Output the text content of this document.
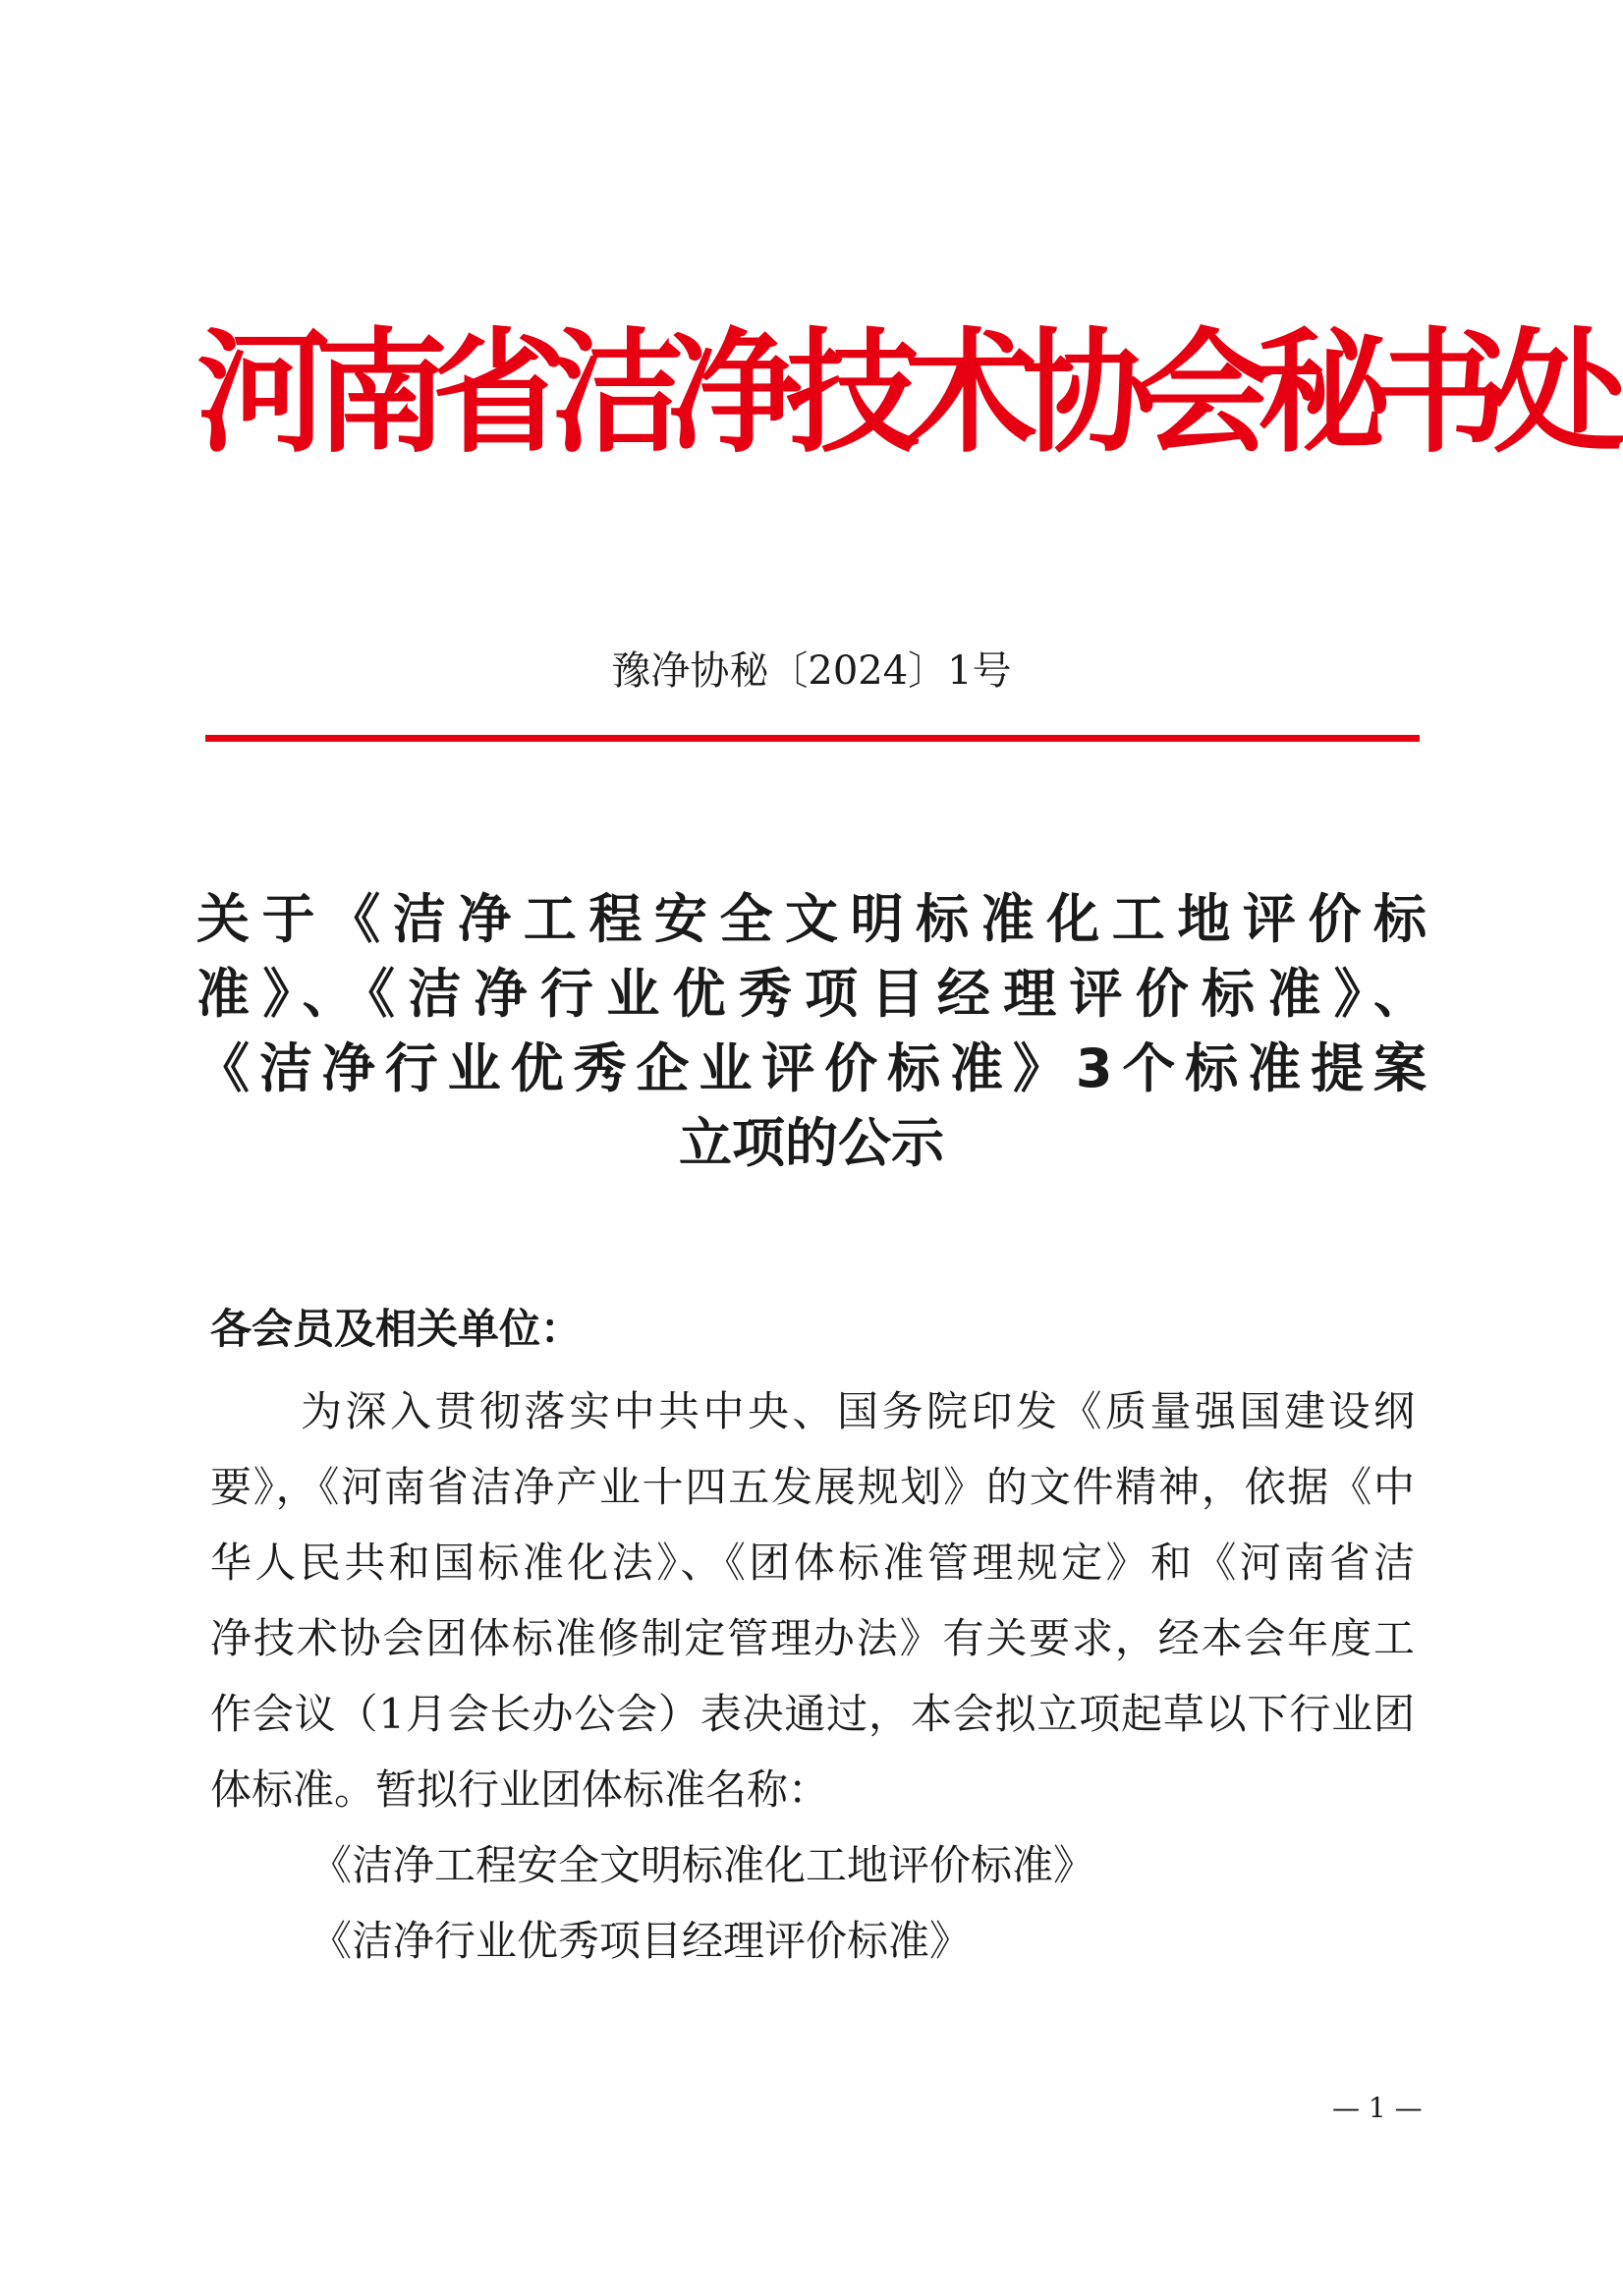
河南省洁净技术协会秘书处
豫净协秘〔2024〕1号
关于《洁净工程安全文明标准化工地评价标
准》、《洁净行业优秀项目经理评价标准》、
《洁净行业优秀企业评价标准》3个标准提案
立项的公示
各会员及相关单位：
为深入贯彻落实中共中央、国务院印发《质量强国建设纲
要》，《河南省洁净产业十四五发展规划》的文件精神，依据《中
华人民共和国标准化法》、《团体标准管理规定》和《河南省洁
净技术协会团体标准修制定管理办法》有关要求，经本会年度工
作会议（1月会长办公会）表决通过，本会拟立项起草以下行业团
体标准。暂拟行业团体标准名称：
《洁净工程安全文明标准化工地评价标准》
《洁净行业优秀项目经理评价标准》
— 1 —
